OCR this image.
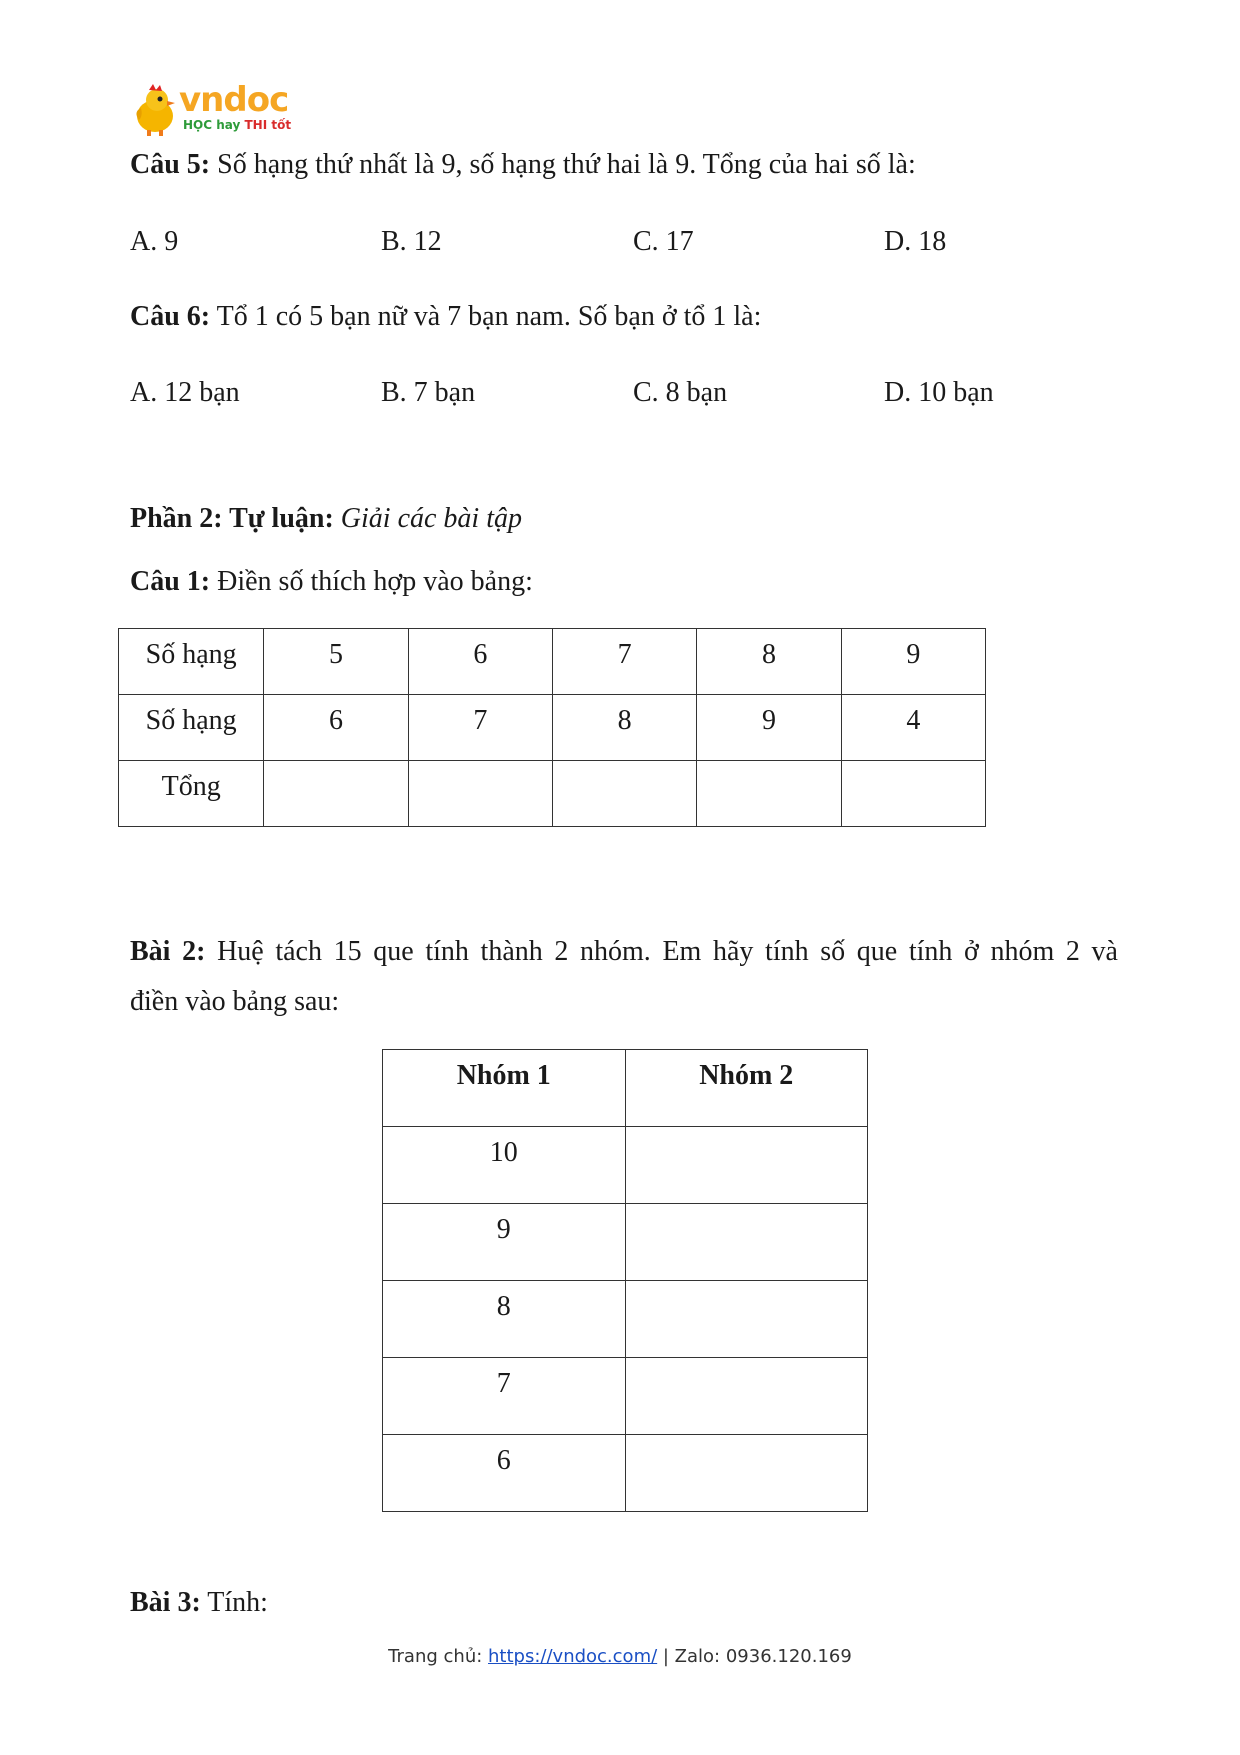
vndoc
HỌC hay THI tốt
Câu 5: Số hạng thứ nhất là 9, số hạng thứ hai là 9. Tổng của hai số là:
A. 9	B. 12	C. 17	D. 18
Câu 6: Tổ 1 có 5 bạn nữ và 7 bạn nam. Số bạn ở tổ 1 là:
A. 12 bạn	B. 7 bạn	C. 8 bạn	D. 10 bạn
Phần 2: Tự luận: Giải các bài tập
Câu 1: Điền số thích hợp vào bảng:
Số hạng	5	6	7	8	9
Số hạng	6	7	8	9	4
Tổng					
Bài 2: Huệ tách 15 que tính thành 2 nhóm. Em hãy tính số que tính ở nhóm 2 và
điền vào bảng sau:
Nhóm 1	Nhóm 2
10	
9	
8	
7	
6	
Bài 3: Tính:
Trang chủ: https://vndoc.com/ | Zalo: 0936.120.169
